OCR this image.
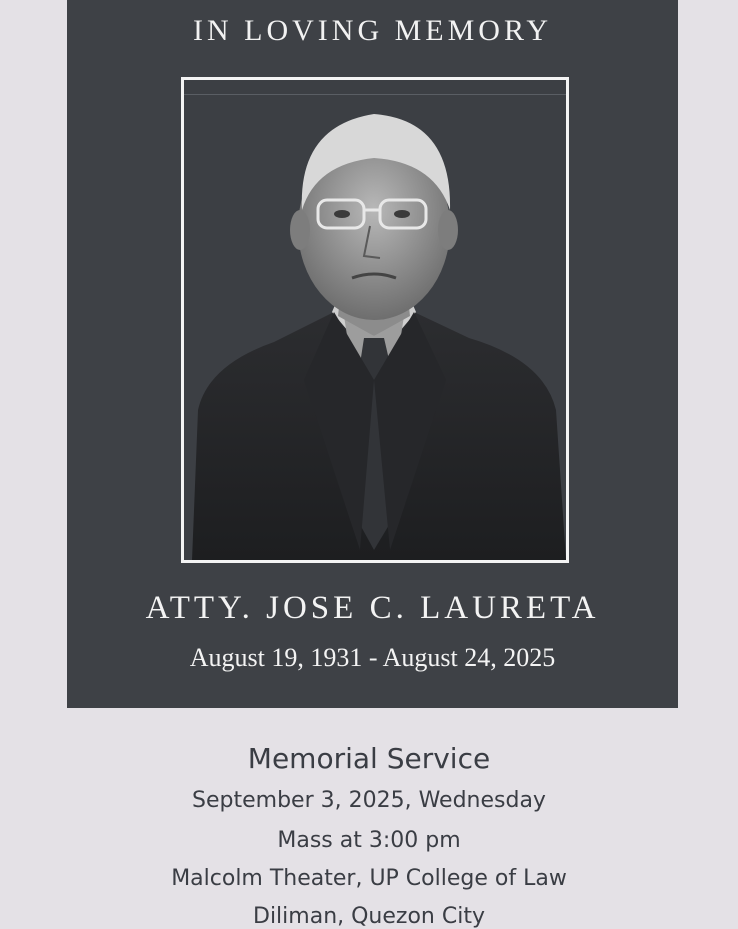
IN LOVING MEMORY
ATTY. JOSE C. LAURETA
August 19, 1931 - August 24, 2025
Memorial Service
September 3, 2025, Wednesday
Mass at 3:00 pm
Malcolm Theater, UP College of Law
Diliman, Quezon City
